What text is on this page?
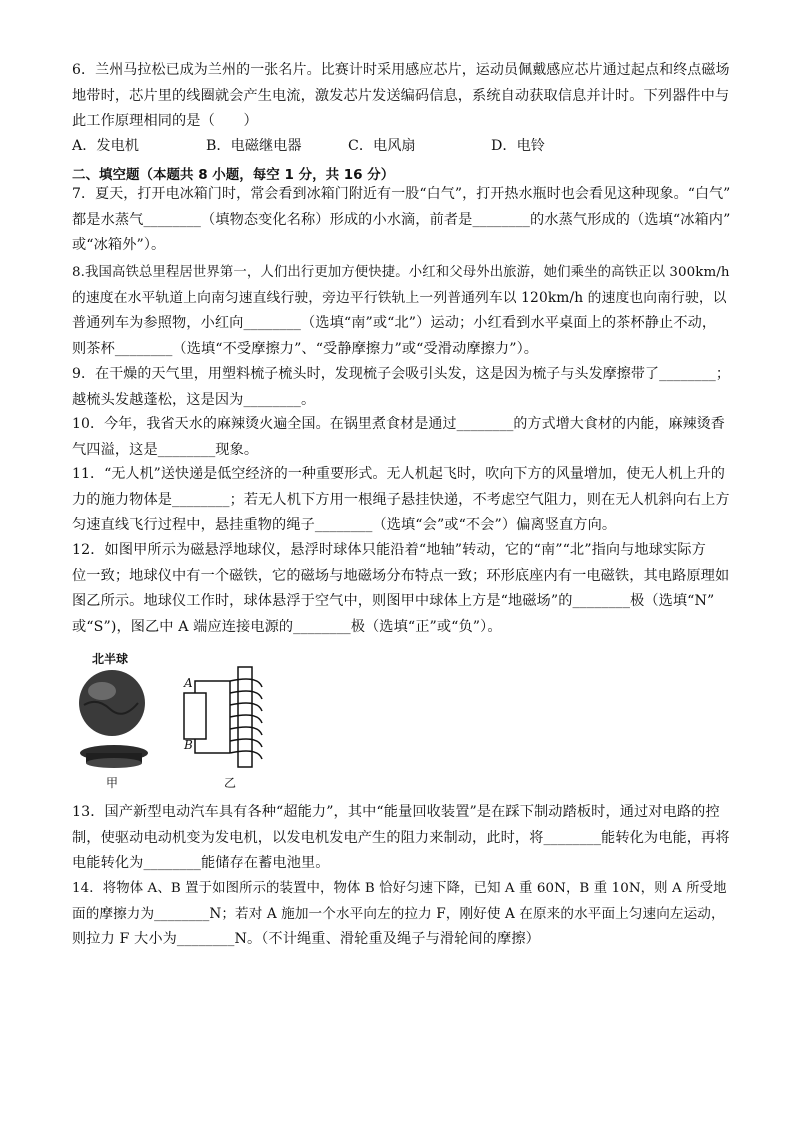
6．兰州马拉松已成为兰州的一张名片。比赛计时采用感应芯片，运动员佩戴感应芯片通过起点和终点磁场
地带时，芯片里的线圈就会产生电流，激发芯片发送编码信息，系统自动获取信息并计时。下列器件中与
此工作原理相同的是（　　）
A．发电机	B．电磁继电器	C．电风扇	D．电铃
二、填空题（本题共 8 小题，每空 1 分，共 16 分）
7．夏天，打开电冰箱门时，常会看到冰箱门附近有一股“白气”，打开热水瓶时也会看见这种现象。“白气”
都是水蒸气________（填物态变化名称）形成的小水滴，前者是________的水蒸气形成的（选填“冰箱内”
或“冰箱外”）。
8.我国高铁总里程居世界第一，人们出行更加方便快捷。小红和父母外出旅游，她们乘坐的高铁正以 300km/h
的速度在水平轨道上向南匀速直线行驶，旁边平行铁轨上一列普通列车以 120km/h 的速度也向南行驶，以
普通列车为参照物，小红向________（选填“南”或“北”）运动；小红看到水平桌面上的茶杯静止不动，
则茶杯________（选填“不受摩擦力”、“受静摩擦力”或“受滑动摩擦力”）。
9．在干燥的天气里，用塑料梳子梳头时，发现梳子会吸引头发，这是因为梳子与头发摩擦带了________；
越梳头发越蓬松，这是因为________。
10．今年，我省天水的麻辣烫火遍全国。在锅里煮食材是通过________的方式增大食材的内能，麻辣烫香
气四溢，这是________现象。
11．“无人机”送快递是低空经济的一种重要形式。无人机起飞时，吹向下方的风量增加，使无人机上升的
力的施力物体是________；若无人机下方用一根绳子悬挂快递，不考虑空气阻力，则在无人机斜向右上方
匀速直线飞行过程中，悬挂重物的绳子________（选填“会”或“不会”）偏离竖直方向。
12．如图甲所示为磁悬浮地球仪，悬浮时球体只能沿着“地轴”转动，它的“南”“北”指向与地球实际方
位一致；地球仪中有一个磁铁，它的磁场与地磁场分布特点一致；环形底座内有一电磁铁，其电路原理如
图乙所示。地球仪工作时，球体悬浮于空气中，则图甲中球体上方是“地磁场”的________极（选填“N”
或“S”)，图乙中 A 端应连接电源的________极（选填“正”或“负”）。
北半球
甲
A
B
乙
13．国产新型电动汽车具有各种“超能力”，其中“能量回收装置”是在踩下制动踏板时，通过对电路的控
制，使驱动电动机变为发电机，以发电机发电产生的阻力来制动，此时，将________能转化为电能，再将
电能转化为________能储存在蓄电池里。
14．将物体 A、B 置于如图所示的装置中，物体 B 恰好匀速下降，已知 A 重 60N，B 重 10N，则 A 所受地
面的摩擦力为________N；若对 A 施加一个水平向左的拉力 F，刚好使 A 在原来的水平面上匀速向左运动，
则拉力 F 大小为________N。（不计绳重、滑轮重及绳子与滑轮间的摩擦）
